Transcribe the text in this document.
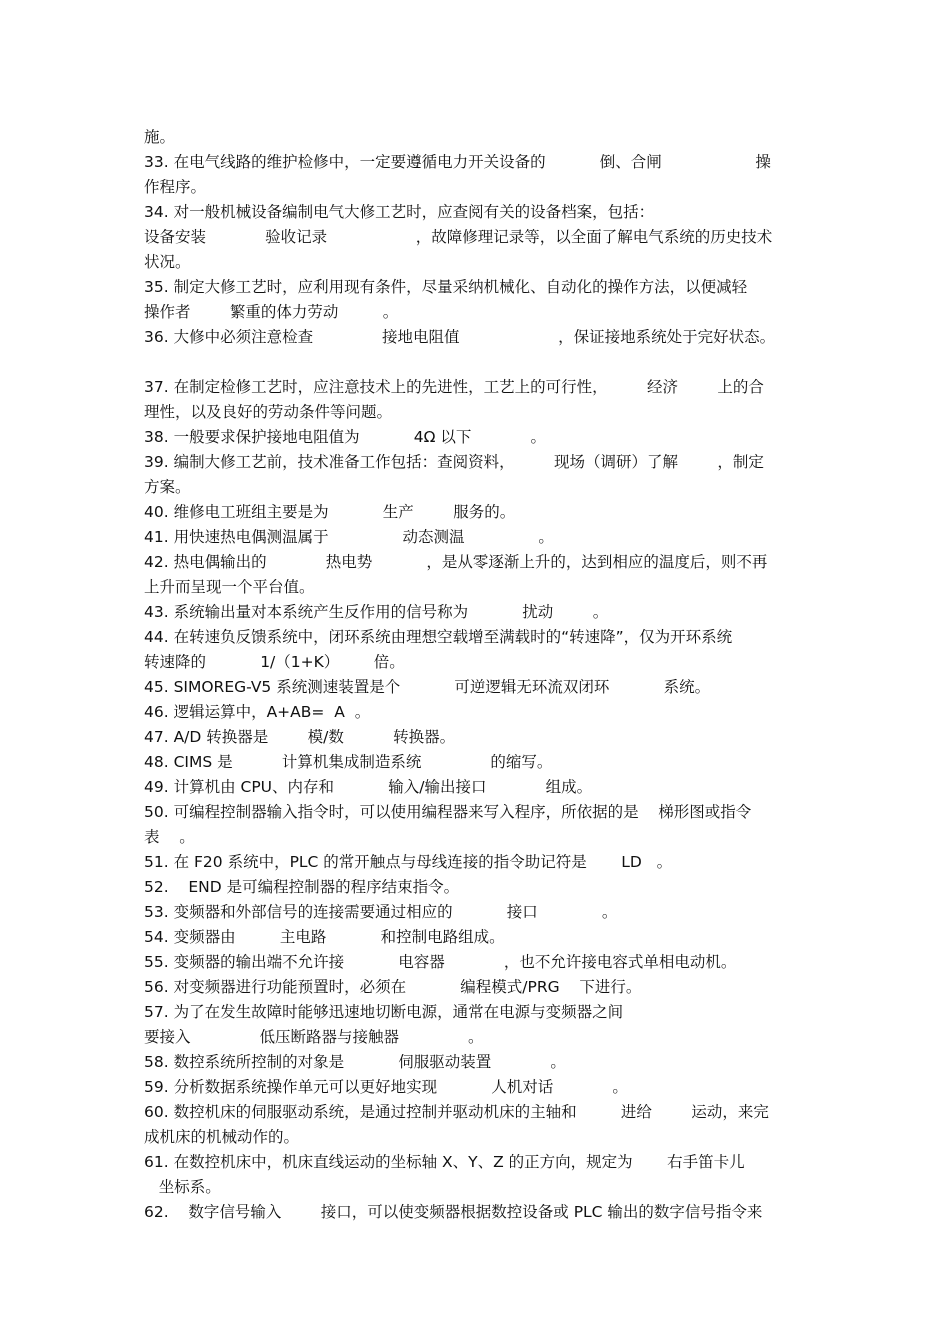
施。

33. 在电气线路的维护检修中，一定要遵循电力开关设备的           倒、合闸                   操

作程序。

34. 对一般机械设备编制电气大修工艺时，应查阅有关的设备档案，包括：

设备安装            验收记录                  ，故障修理记录等，以全面了解电气系统的历史技术

状况。

35. 制定大修工艺时，应利用现有条件，尽量采纳机械化、自动化的操作方法，以便减轻

操作者        繁重的体力劳动         。

36. 大修中必须注意检查              接地电阻值                    ，保证接地系统处于完好状态。

37. 在制定检修工艺时，应注意技术上的先进性，工艺上的可行性，        经济        上的合

理性，以及良好的劳动条件等问题。

38. 一般要求保护接地电阻值为           4Ω 以下            。

39. 编制大修工艺前，技术准备工作包括：查阅资料，        现场（调研）了解        ，制定

方案。

40. 维修电工班组主要是为           生产        服务的。

41. 用快速热电偶测温属于               动态测温               。

42. 热电偶输出的            热电势           ，是从零逐渐上升的，达到相应的温度后，则不再

上升而呈现一个平台值。

43. 系统输出量对本系统产生反作用的信号称为           扰动        。

44. 在转速负反馈系统中，闭环系统由理想空载增至满载时的“转速降”，仅为开环系统

转速降的           1/（1+K）       倍。

45. SIMOREG-V5 系统测速装置是个           可逆逻辑无环流双闭环           系统。

46. 逻辑运算中，A+AB=  A  。

47. A/D 转换器是        模/数          转换器。

48. CIMS 是          计算机集成制造系统              的缩写。

49. 计算机由 CPU、内存和           输入/输出接口            组成。

50. 可编程控制器输入指令时，可以使用编程器来写入程序，所依据的是    梯形图或指令

表    。

51. 在 F20 系统中，PLC 的常开触点与母线连接的指令助记符是       LD   。

52.    END 是可编程控制器的程序结束指令。

53. 变频器和外部信号的连接需要通过相应的           接口             。

54. 变频器由         主电路           和控制电路组成。

55. 变频器的输出端不允许接           电容器            ，也不允许接电容式单相电动机。

56. 对变频器进行功能预置时，必须在           编程模式/PRG    下进行。

57. 为了在发生故障时能够迅速地切断电源，通常在电源与变频器之间

要接入              低压断路器与接触器              。

58. 数控系统所控制的对象是           伺服驱动装置            。

59. 分析数据系统操作单元可以更好地实现           人机对话            。

60. 数控机床的伺服驱动系统，是通过控制并驱动机床的主轴和         进给        运动，来完

成机床的机械动作的。

61. 在数控机床中，机床直线运动的坐标轴 X、Y、Z 的正方向，规定为       右手笛卡儿

坐标系。

62.    数字信号输入        接口，可以使变频器根据数控设备或 PLC 输出的数字信号指令来
